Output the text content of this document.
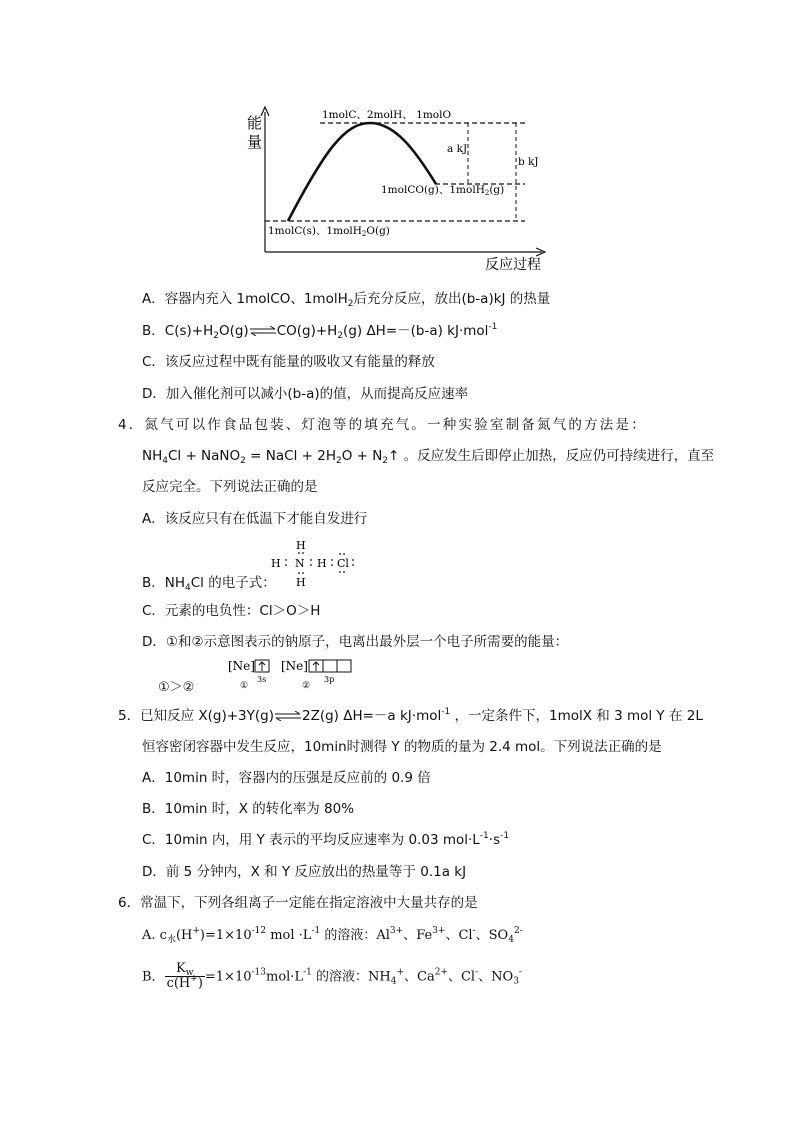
能
量
1molC、2molH、 1molO
a kJ
b kJ
1molCO(g)、1molH2(g)
1molC(s)、1molH2O(g)
反应过程
A．容器内充入 1molCO、1molH$_2$后充分反应，放出(b-a)kJ 的热量
B．$C(s)+H_2O(g)\rightleftharpoons CO(g)+H_2(g)$ ΔH=－(b-a) kJ·mol$^{-1}$
C．该反应过程中既有能量的吸收又有能量的释放
D．加入催化剂可以减小(b-a)的值，从而提高反应速率
4．氮气可以作食品包装、灯泡等的填充气。一种实验室制备氮气的方法是：
$NH_4Cl$ + NaNO$_2$ = NaCl + $2H_2O$ + $N_2↑$ 。反应发生后即停止加热，反应仍可持续进行，直至
反应完全。下列说法正确的是
A．该反应只有在低温下才能自发进行
B．$NH_4Cl$ 的电子式：
H
H N H Cl
H
C．元素的电负性：Cl＞O＞H
D．①和②示意图表示的钠原子，电离出最外层一个电子所需要的能量：
[Ne]
①
3s
[Ne]
②
3p
①＞②
5．已知反应 X(g)+3Y(g)⇌2Z(g) ΔH=－a kJ·mol$^{-1}$ ，一定条件下，1molX 和 3 mol Y 在 2L
恒容密闭容器中发生反应，10min时测得 Y 的物质的量为 2.4 mol。下列说法正确的是
A．10min 时，容器内的压强是反应前的 0.9 倍
B．10min 时，X 的转化率为 80%
C．10min 内，用 Y 表示的平均反应速率为 0.03 $mol\cdot L^{-1}\cdot s^{-1}$
D．前 5 分钟内，X 和 Y 反应放出的热量等于 0.1a kJ
6．常温下，下列各组离子一定能在指定溶液中大量共存的是
A. $c_水(H^+)=1\times 10^{-12}$ mol $\cdot L^{-1}$ 的溶液：$Al^{3+}$、$Fe^{3+}$、Cl-、$SO_4^{2-}$
B． $\frac{K_w}{c(H^+)} =1\times 10^{-13}mol\cdot L^{-1}$ 的溶液：$NH_4^+$、$Ca^{2+}$、Cl-、$NO_3^-$
